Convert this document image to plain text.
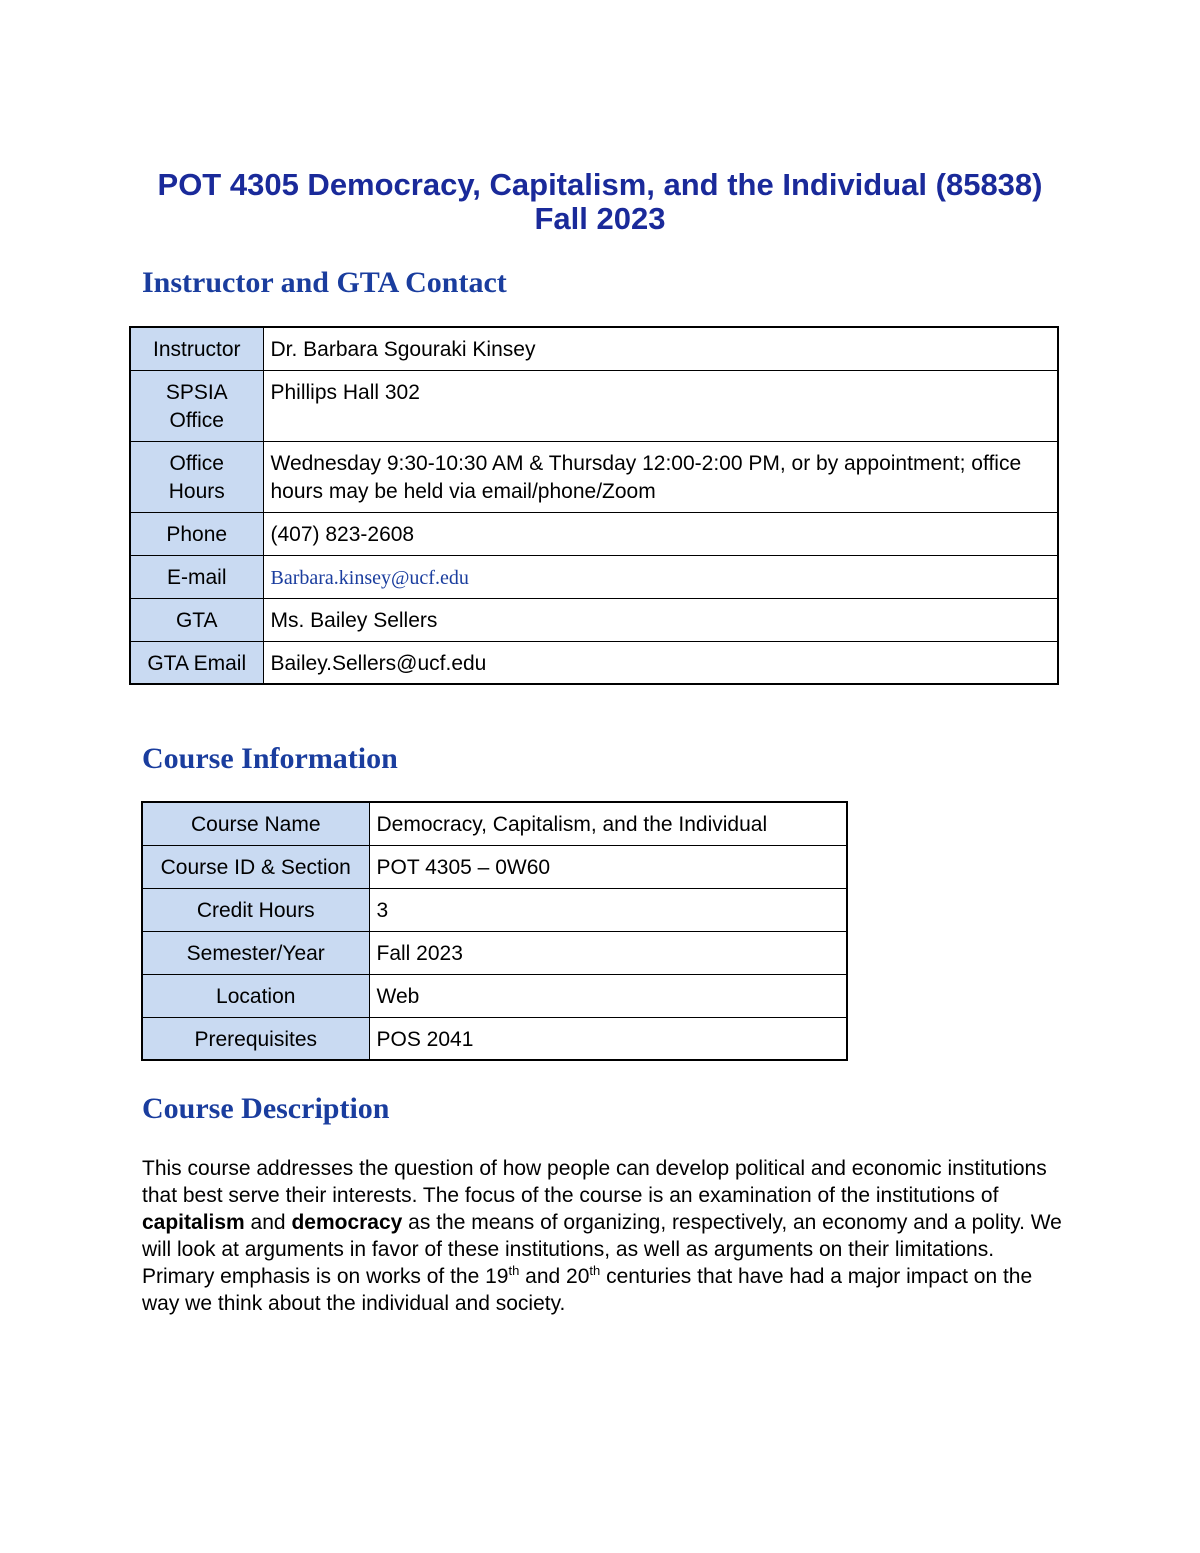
POT 4305 Democracy, Capitalism, and the Individual (85838)
Fall 2023
Instructor and GTA Contact
Instructor	Dr. Barbara Sgouraki Kinsey
SPSIA Office	Phillips Hall 302
Office Hours	Wednesday 9:30-10:30 AM & Thursday 12:00-2:00 PM, or by appointment; office hours may be held via email/phone/Zoom
Phone	(407) 823-2608
E-mail	Barbara.kinsey@ucf.edu
GTA	Ms. Bailey Sellers
GTA Email	Bailey.Sellers@ucf.edu
Course Information
Course Name	Democracy, Capitalism, and the Individual
Course ID & Section	POT 4305 – 0W60
Credit Hours	3
Semester/Year	Fall 2023
Location	Web
Prerequisites	POS 2041
Course Description
This course addresses the question of how people can develop political and economic institutions that best serve their interests. The focus of the course is an examination of the institutions of capitalism and democracy as the means of organizing, respectively, an economy and a polity. We will look at arguments in favor of these institutions, as well as arguments on their limitations. Primary emphasis is on works of the 19th and 20th centuries that have had a major impact on the way we think about the individual and society.
